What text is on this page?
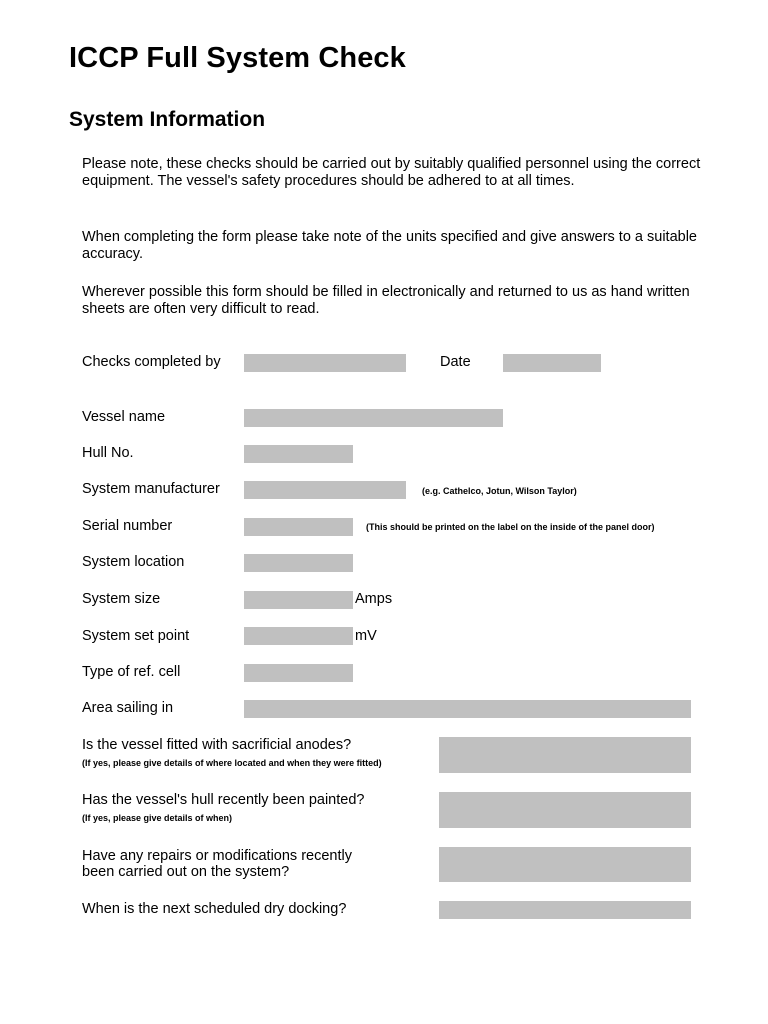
ICCP Full System Check
System Information

Please note, these checks should be carried out by suitably qualified personnel using the correct equipment. The vessel's safety procedures should be adhered to at all times.

When completing the form please take note of the units specified and give answers to a suitable accuracy.

Wherever possible this form should be filled in electronically and returned to us as hand written sheets are often very difficult to read.

Checks completed by	Date
Vessel name
Hull No.
System manufacturer	(e.g. Cathelco, Jotun, Wilson Taylor)
Serial number	(This should be printed on the label on the inside of the panel door)
System location
System size	Amps
System set point	mV
Type of ref. cell
Area sailing in
Is the vessel fitted with sacrificial anodes?
(If yes, please give details of where located and when they were fitted)
Has the vessel's hull recently been painted?
(If yes, please give details of when)
Have any repairs or modifications recently
been carried out on the system?
When is the next scheduled dry docking?
